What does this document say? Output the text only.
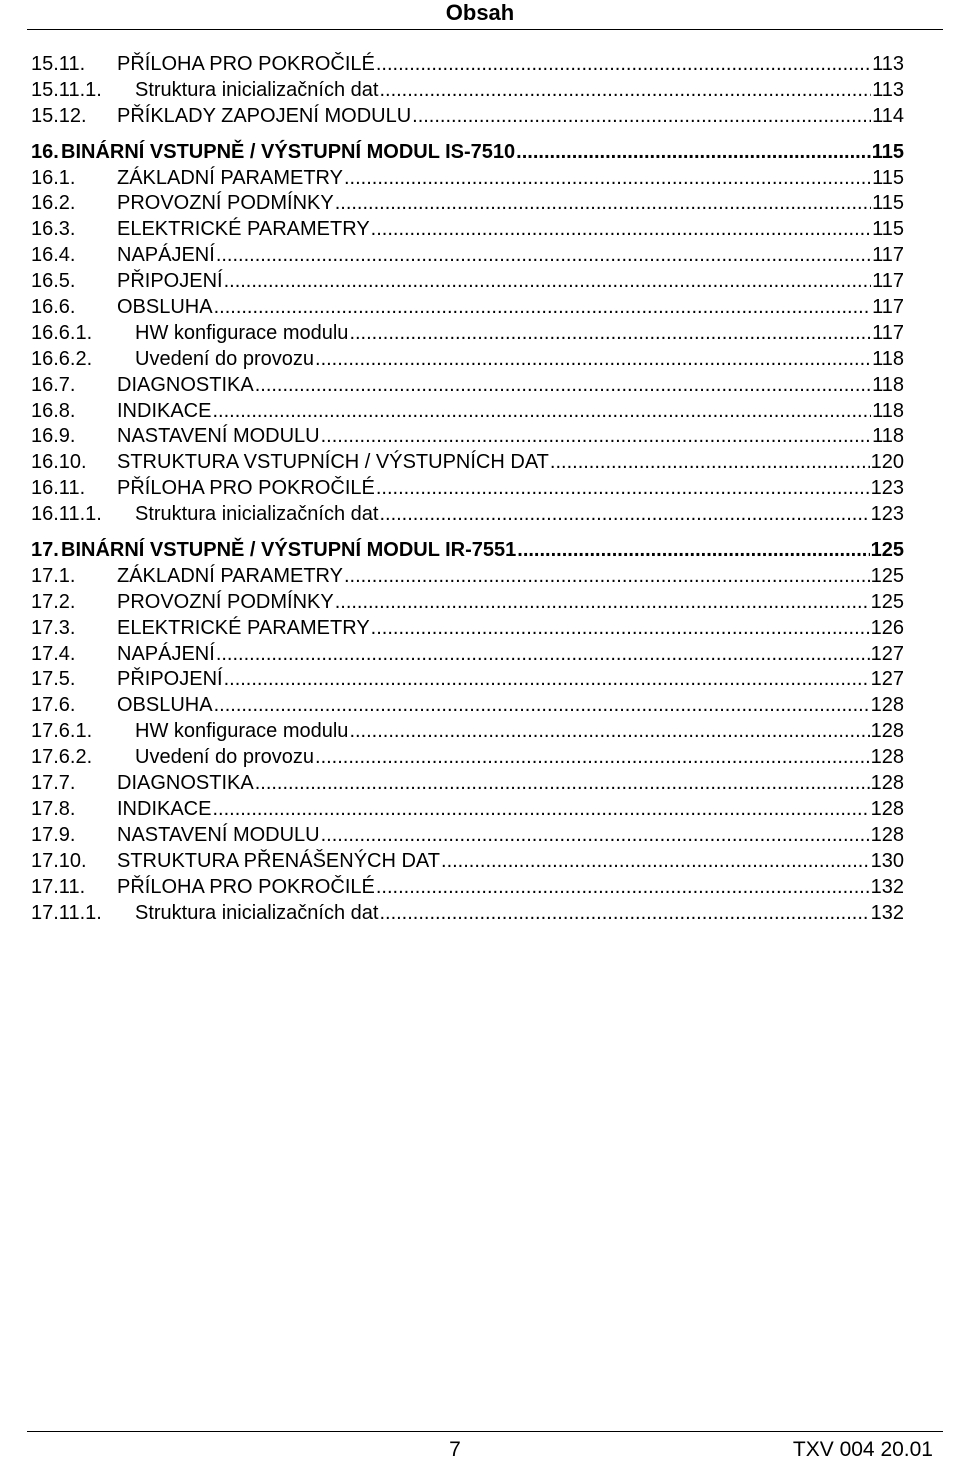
Obsah
15.11.	PŘÍLOHA PRO POKROČILÉ .....	113
15.11.1.	Struktura inicializačních dat .....	113
15.12.	PŘÍKLADY ZAPOJENÍ MODULU .....	114
16. BINÁRNÍ VSTUPNĚ / VÝSTUPNÍ MODUL IS-7510 .....	115
16.1.	ZÁKLADNÍ PARAMETRY .....	115
16.2.	PROVOZNÍ PODMÍNKY .....	115
16.3.	ELEKTRICKÉ PARAMETRY .....	115
16.4.	NAPÁJENÍ .....	117
16.5.	PŘIPOJENÍ .....	117
16.6.	OBSLUHA .....	117
16.6.1.	HW konfigurace modulu .....	117
16.6.2.	Uvedení do provozu .....	118
16.7.	DIAGNOSTIKA .....	118
16.8.	INDIKACE .....	118
16.9.	NASTAVENÍ MODULU .....	118
16.10.	STRUKTURA VSTUPNÍCH / VÝSTUPNÍCH DAT .....	120
16.11.	PŘÍLOHA PRO POKROČILÉ .....	123
16.11.1.	Struktura inicializačních dat .....	123
17. BINÁRNÍ VSTUPNĚ / VÝSTUPNÍ MODUL IR-7551 .....	125
17.1.	ZÁKLADNÍ PARAMETRY .....	125
17.2.	PROVOZNÍ PODMÍNKY .....	125
17.3.	ELEKTRICKÉ PARAMETRY .....	126
17.4.	NAPÁJENÍ .....	127
17.5.	PŘIPOJENÍ .....	127
17.6.	OBSLUHA .....	128
17.6.1.	HW konfigurace modulu .....	128
17.6.2.	Uvedení do provozu .....	128
17.7.	DIAGNOSTIKA .....	128
17.8.	INDIKACE .....	128
17.9.	NASTAVENÍ MODULU .....	128
17.10.	STRUKTURA PŘENÁŠENÝCH DAT .....	130
17.11.	PŘÍLOHA PRO POKROČILÉ .....	132
17.11.1.	Struktura inicializačních dat .....	132
7	TXV 004 20.01
